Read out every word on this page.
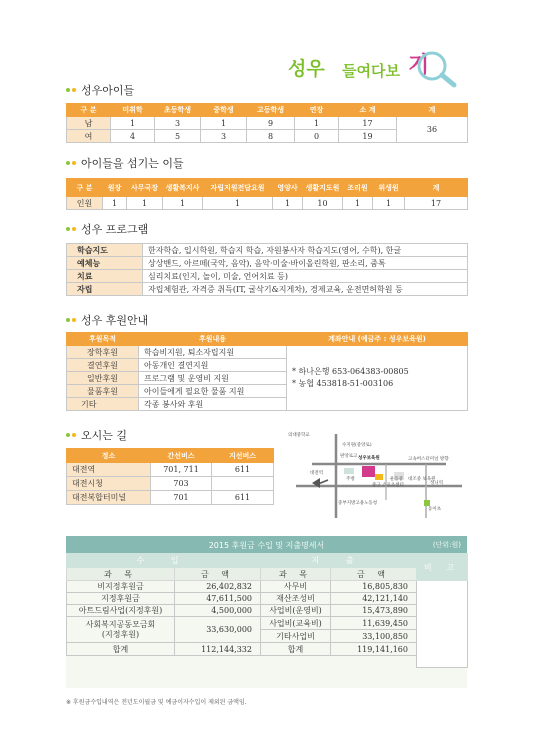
성우 들여다보 기
성우아이들
구 분	미취학	초등학생	중학생	고등학생	연장	소 계	계
남	1	3	1	9	1	17	36
여	4	5	3	8	0	19	
아이들을 섬기는 이들
구 분	원장	사무국장	생활복지사	자립지원전담요원	영양사	생활지도원	조리원	위생원	계
인원	1	1	1	1	1	10	1	1	17
성우 프로그램
학습지도	한자학습, 입시학원, 학습지 학습, 자원봉사자 학습지도(영어, 수학), 한글
예체능	상상밴드, 아르떼(국악, 음악), 음악·미술·바이올린학원, 판소리, 줌톡
치료	심리치료(인지, 놀이, 미술, 언어치료 등)
자립	자립체험관, 자격증 취득(IT, 굴삭기&지게차), 경제교육, 운전면허학원 등
성우 후원안내
후원목적	후원내용	계좌안내 (예금주 : 성우보육원)
장학후원	학습비지원, 퇴소자립지원	* 하나은행 653-064383-00805
* 농협 453818-51-003106

결연후원	아동개인 결연지원	
일반후원	프로그램 및 운영비 지원	
물품후원	아이들에게 필요한 물품 지원	
기타	각종 봉사와 후원	
오시는 길
정소	간선버스	지선버스
대전역	701, 711	611
대전시청	703	
대전복합터미널	701	611
의대중학교
수지원(중앙로)
판앙로고 성우보육원	고속버스터미널 방향
대전역
주방
중구 스포츠센터
운동중 대조중 보육원
성니역
중부지방고용노동청
동이초
2015 후원금 수입 및 지출명세서	(단위:원)
수 입		지 출		비 고
과 목	금 액	과 목	금 액	
비지정후원금	26,402,832	사무비	16,805,830	
지정후원금	47,611,500	재산조성비	42,121,140	
아트드림사업(지정후원)	4,500,000	사업비(운영비)	15,473,890	
사회복지공동모금회
(지정후원)	33,630,000	사업비(교육비)	11,639,450	
		기타사업비	33,100,850	
합계	112,144,332	합계	119,141,160	

※ 후원금수입내역은 전년도이월금 및 예금이자수입이 제외된 금액임.
